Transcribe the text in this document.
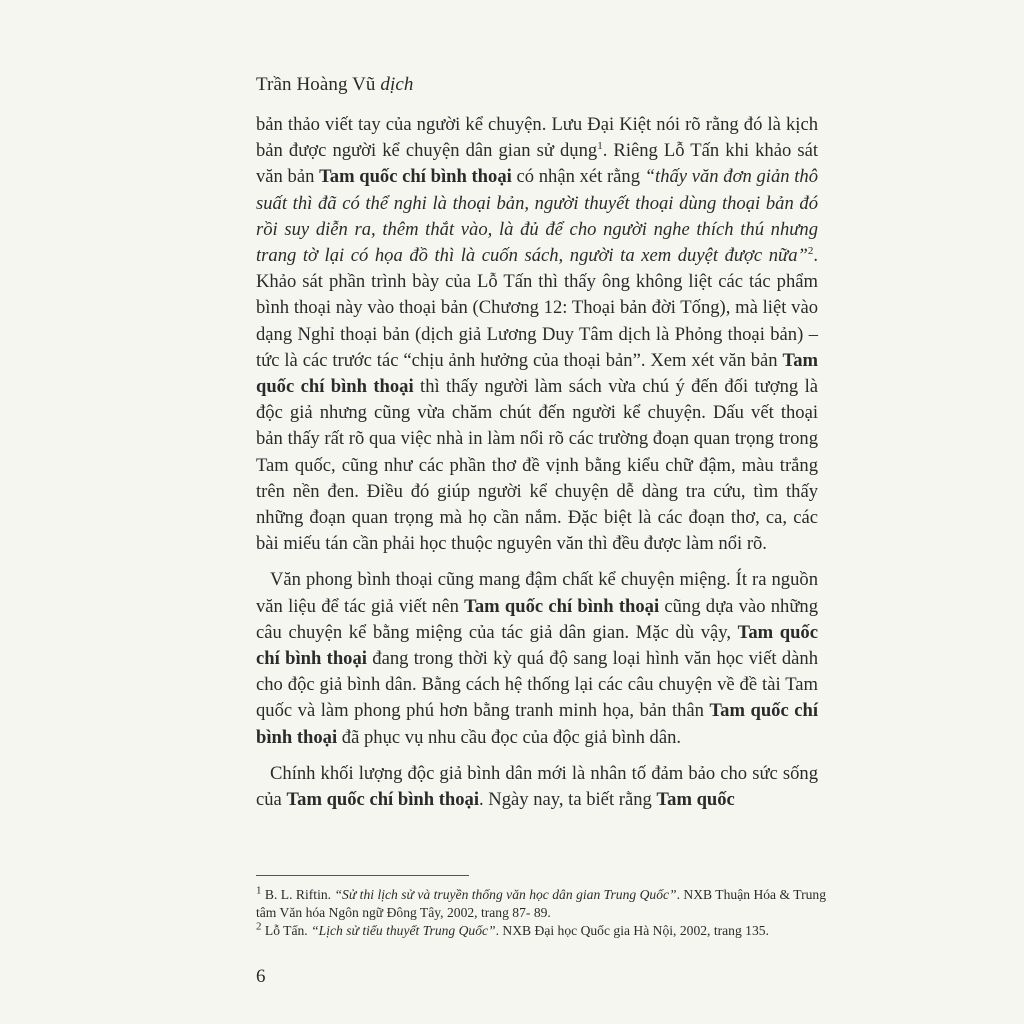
Trần Hoàng Vũ dịch

bản thảo viết tay của người kể chuyện. Lưu Đại Kiệt nói rõ rằng đó là kịch bản được người kể chuyện dân gian sử dụng$^1$. Riêng Lỗ Tấn khi khảo sát văn bản Tam quốc chí bình thoại có nhận xét rằng “thấy văn đơn giản thô suất thì đã có thể nghi là thoại bản, người thuyết thoại dùng thoại bản đó rồi suy diễn ra, thêm thắt vào, là đủ để cho người nghe thích thú nhưng trang tờ lại có họa đồ thì là cuốn sách, người ta xem duyệt được nữa”$^2$. Khảo sát phần trình bày của Lỗ Tấn thì thấy ông không liệt các tác phẩm bình thoại này vào thoại bản (Chương 12: Thoại bản đời Tống), mà liệt vào dạng Nghỉ thoại bản (dịch giả Lương Duy Tâm dịch là Phỏng thoại bản) – tức là các trước tác “chịu ảnh hưởng của thoại bản”. Xem xét văn bản Tam quốc chí bình thoại thì thấy người làm sách vừa chú ý đến đối tượng là độc giả nhưng cũng vừa chăm chút đến người kể chuyện. Dấu vết thoại bản thấy rất rõ qua việc nhà in làm nổi rõ các trường đoạn quan trọng trong Tam quốc, cũng như các phần thơ đề vịnh bằng kiểu chữ đậm, màu trắng trên nền đen. Điều đó giúp người kể chuyện dễ dàng tra cứu, tìm thấy những đoạn quan trọng mà họ cần nắm. Đặc biệt là các đoạn thơ, ca, các bài miếu tán cần phải học thuộc nguyên văn thì đều được làm nổi rõ.

Văn phong bình thoại cũng mang đậm chất kể chuyện miệng. Ít ra nguồn văn liệu để tác giả viết nên Tam quốc chí bình thoại cũng dựa vào những câu chuyện kể bằng miệng của tác giả dân gian. Mặc dù vậy, Tam quốc chí bình thoại đang trong thời kỳ quá độ sang loại hình văn học viết dành cho độc giả bình dân. Bằng cách hệ thống lại các câu chuyện về đề tài Tam quốc và làm phong phú hơn bằng tranh minh họa, bản thân Tam quốc chí bình thoại đã phục vụ nhu cầu đọc của độc giả bình dân.

Chính khối lượng độc giả bình dân mới là nhân tố đảm bảo cho sức sống của Tam quốc chí bình thoại. Ngày nay, ta biết rằng Tam quốc

$^1$ B. L. Riftin. “Sử thi lịch sử và truyền thống văn học dân gian Trung Quốc”. NXB Thuận Hóa & Trung tâm Văn hóa Ngôn ngữ Đông Tây, 2002, trang 87- 89.

$^2$ Lỗ Tấn. “Lịch sử tiểu thuyết Trung Quốc”. NXB Đại học Quốc gia Hà Nội, 2002, trang 135.

6
